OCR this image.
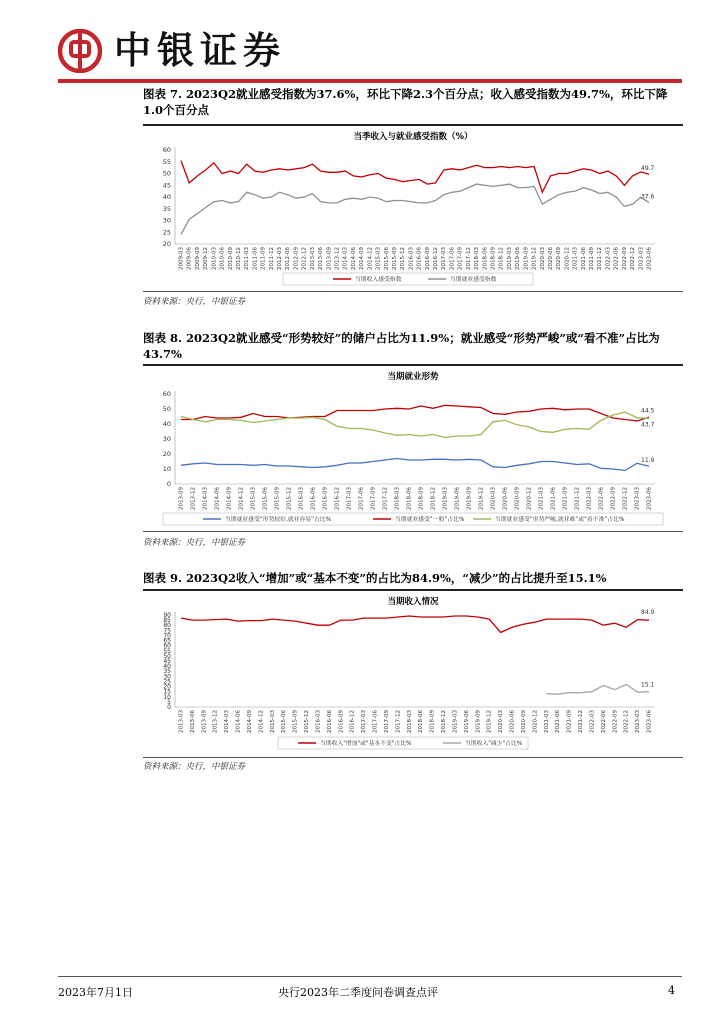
中银证券
图表 7. 2023Q2就业感受指数为37.6%，环比下降2.3个百分点；收入感受指数为49.7%，环比下降1.0个百分点
当季收入与就业感受指数（%）
20
25
30
35
40
45
50
55
60
2009-03 2009-06 2009-09 2009-12 2010-03 2010-06 2010-09 2010-12 2011-03 2011-06 2011-09 2011-12 2012-03 2012-06 2012-09 2012-12 2013-03 2013-06 2013-09 2013-12 2014-03 2014-06 2014-09 2014-12 2015-03 2015-06 2015-09 2015-12 2016-03 2016-06 2016-09 2016-12 2017-03 2017-06 2017-09 2017-12 2018-03 2018-06 2018-09 2018-12 2019-03 2019-06 2019-09 2019-12 2020-03 2020-06 2020-09 2020-12 2021-03 2021-06 2021-09 2021-12 2022-03 2022-06 2022-09 2022-12 2023-03 2023-06
49.7
37.6
当期收入感受指数	当期就业感受指数
资料来源：央行，中银证券
图表 8. 2023Q2就业感受“形势较好”的储户占比为11.9%；就业感受“形势严峻”或“看不准”占比为43.7%
当期就业形势
0
10
20
30
40
50
60
2013-09 2013-12 2014-03 2014-06 2014-09 2014-12 2015-03 2015-06 2015-09 2015-12 2016-03 2016-06 2016-09 2016-12 2017-03 2017-06 2017-09 2017-12 2018-03 2018-06 2018-09 2018-12 2019-03 2019-06 2019-09 2019-12 2020-03 2020-06 2020-09 2020-12 2021-03 2021-06 2021-09 2021-12 2022-03 2022-06 2022-09 2022-12 2023-03 2023-06
44.5
43.7
11.9
当期就业感受“形势较好,就业容易”占比%	当期就业感受“一般”占比%	当期就业感受“形势严峻,就业难”或“看不准”占比%
资料来源：央行，中银证券
图表 9. 2023Q2收入“增加”或“基本不变”的占比为84.9%，“减少”的占比提升至15.1%
当期收入情况
0
5
10
15
20
25
30
35
40
45
50
55
60
65
70
75
80
85
90
2013-03 2013-06 2013-09 2013-12 2014-03 2014-06 2014-09 2014-12 2015-03 2015-06 2015-09 2015-12 2016-03 2016-06 2016-09 2016-12 2017-03 2017-06 2017-09 2017-12 2018-03 2018-06 2018-09 2018-12 2019-03 2019-06 2019-09 2019-12 2020-03 2020-06 2020-09 2020-12 2021-03 2021-06 2021-09 2021-12 2022-03 2022-06 2022-09 2022-12 2023-03 2023-06
84.9
15.1
当期收入"增加"或"基本不变"占比%	当期收入"减少"占比%
资料来源：央行，中银证券
2023年7月1日	央行2023年二季度问卷调查点评	4
